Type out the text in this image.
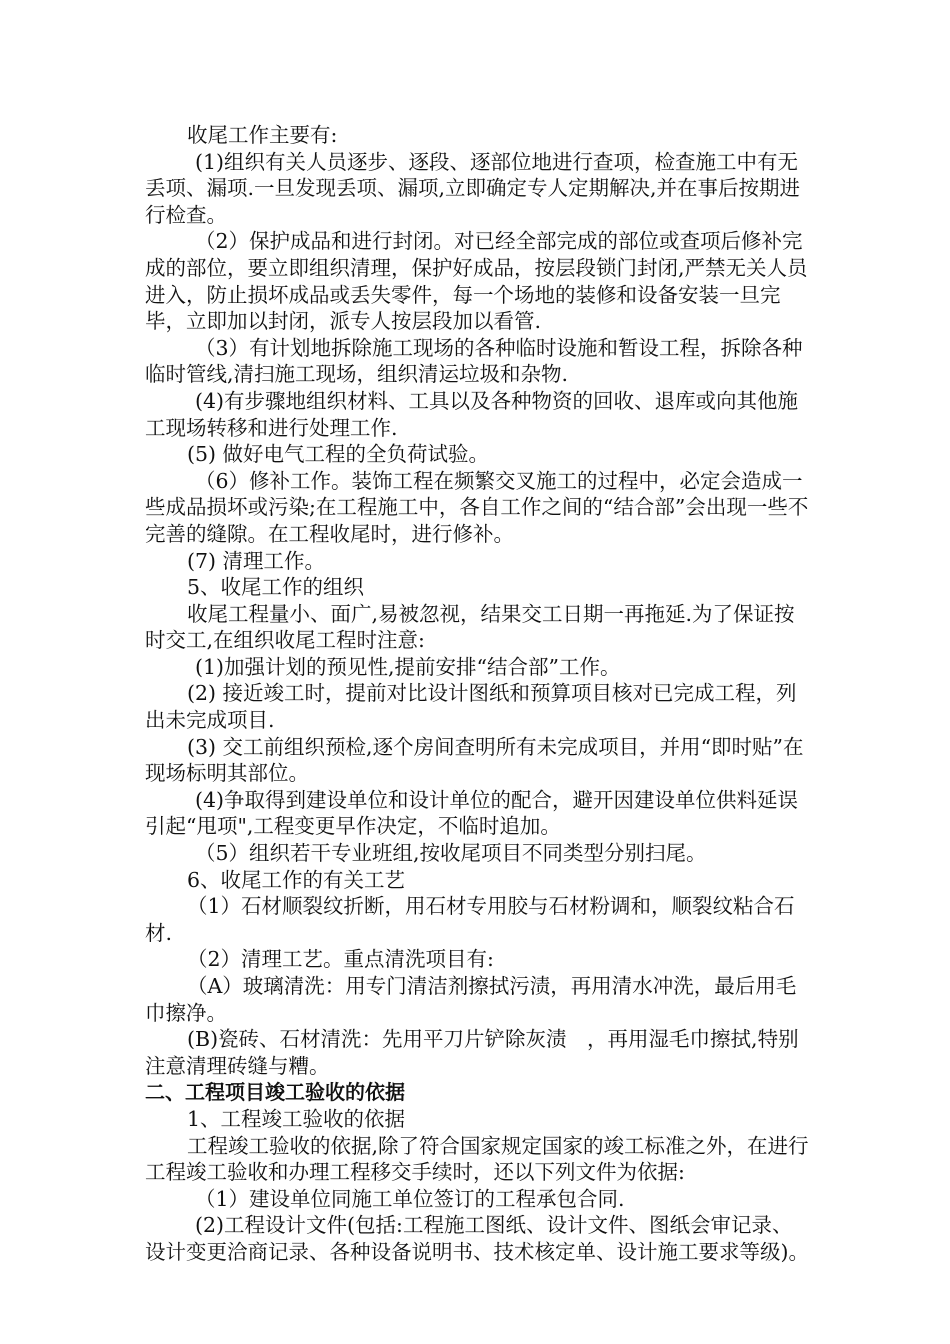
收尾工作主要有:

(1)组织有关人员逐步、逐段、逐部位地进行查项，检查施工中有无丢项、漏项.一旦发现丢项、漏项,立即确定专人定期解决,并在事后按期进行检查。

（2）保护成品和进行封闭。对已经全部完成的部位或查项后修补完成的部位，要立即组织清理，保护好成品，按层段锁门封闭,严禁无关人员进入，防止损坏成品或丢失零件，每一个场地的装修和设备安装一旦完毕，立即加以封闭，派专人按层段加以看管.

（3）有计划地拆除施工现场的各种临时设施和暂设工程，拆除各种临时管线,清扫施工现场，组织清运垃圾和杂物.

(4)有步骤地组织材料、工具以及各种物资的回收、退库或向其他施工现场转移和进行处理工作.

(5) 做好电气工程的全负荷试验。

（6）修补工作。装饰工程在频繁交叉施工的过程中，必定会造成一些成品损坏或污染;在工程施工中，各自工作之间的“结合部”会出现一些不完善的缝隙。在工程收尾时，进行修补。

(7) 清理工作。

5、收尾工作的组织

收尾工程量小、面广,易被忽视，结果交工日期一再拖延.为了保证按时交工,在组织收尾工程时注意:

(1)加强计划的预见性,提前安排“结合部”工作。

(2) 接近竣工时，提前对比设计图纸和预算项目核对已完成工程，列出未完成项目.

(3) 交工前组织预检,逐个房间查明所有未完成项目，并用“即时贴”在现场标明其部位。

(4)争取得到建设单位和设计单位的配合，避开因建设单位供料延误引起“甩项",工程变更早作决定，不临时追加。

（5）组织若干专业班组,按收尾项目不同类型分别扫尾。

6、收尾工作的有关工艺

（1）石材顺裂纹折断，用石材专用胶与石材粉调和，顺裂纹粘合石材.

（2）清理工艺。重点清洗项目有:

（A）玻璃清洗：用专门清洁剂擦拭污渍，再用清水冲洗，最后用毛巾擦净。

(B)瓷砖、石材清洗：先用平刀片铲除灰渍　，再用湿毛巾擦拭,特别注意清理砖缝与糟。

二、工程项目竣工验收的依据

1、工程竣工验收的依据

工程竣工验收的依据,除了符合国家规定国家的竣工标准之外，在进行工程竣工验收和办理工程移交手续时，还以下列文件为依据:

（1）建设单位同施工单位签订的工程承包合同.

(2)工程设计文件(包括:工程施工图纸、设计文件、图纸会审记录、设计变更洽商记录、各种设备说明书、技术核定单、设计施工要求等级)。
